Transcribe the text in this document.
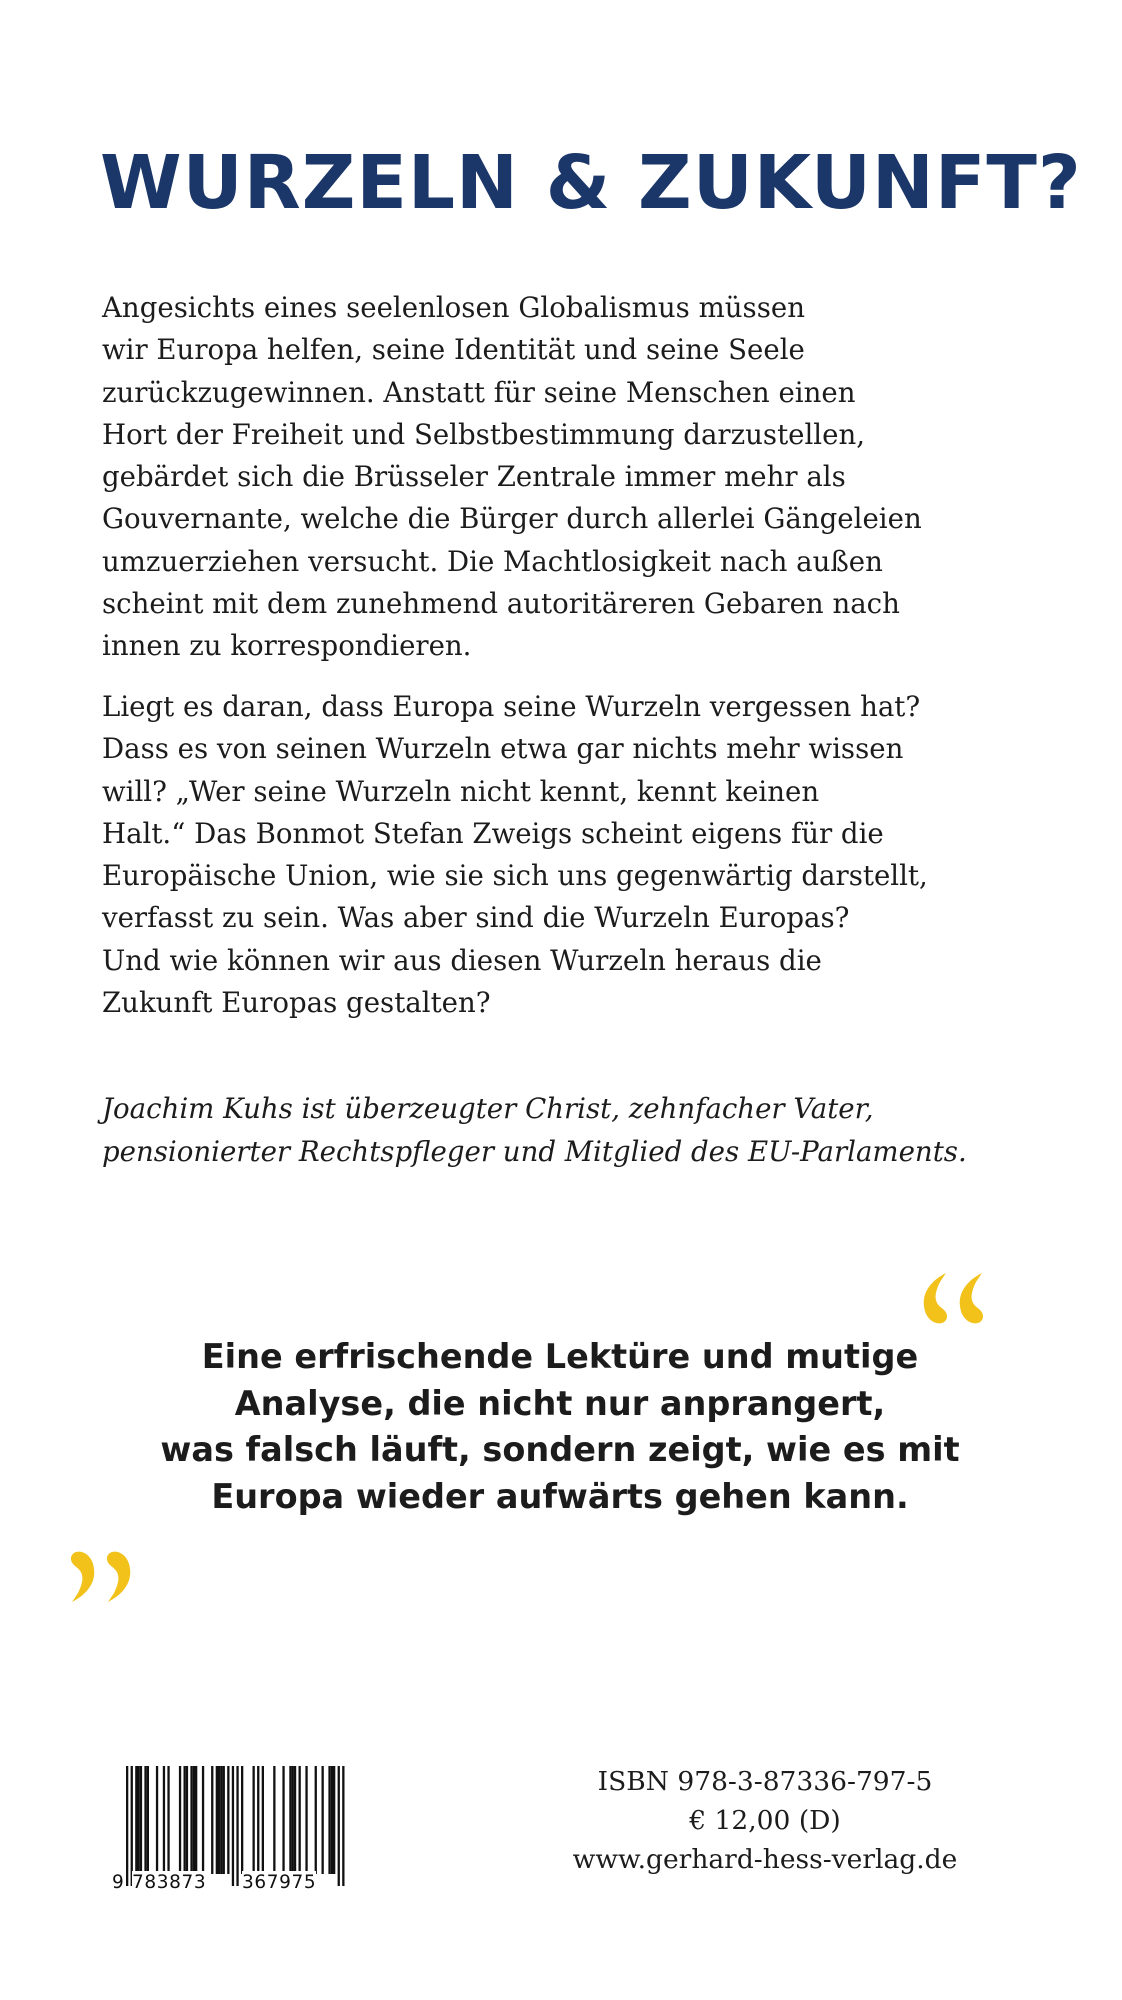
WURZELN & ZUKUNFT?
Angesichts eines seelenlosen Globalismus müssen
wir Europa helfen, seine Identität und seine Seele
zurückzugewinnen. Anstatt für seine Menschen einen
Hort der Freiheit und Selbstbestimmung darzustellen,
gebärdet sich die Brüsseler Zentrale immer mehr als
Gouvernante, welche die Bürger durch allerlei Gängeleien
umzuerziehen versucht. Die Machtlosigkeit nach außen
scheint mit dem zunehmend autoritäreren Gebaren nach
innen zu korrespondieren.
Liegt es daran, dass Europa seine Wurzeln vergessen hat?
Dass es von seinen Wurzeln etwa gar nichts mehr wissen
will? „Wer seine Wurzeln nicht kennt, kennt keinen
Halt.“ Das Bonmot Stefan Zweigs scheint eigens für die
Europäische Union, wie sie sich uns gegenwärtig darstellt,
verfasst zu sein. Was aber sind die Wurzeln Europas?
Und wie können wir aus diesen Wurzeln heraus die
Zukunft Europas gestalten?
Joachim Kuhs ist überzeugter Christ, zehnfacher Vater,
pensionierter Rechtspfleger und Mitglied des EU-Parlaments.
Eine erfrischende Lektüre und mutige
Analyse, die nicht nur anprangert,
was falsch läuft, sondern zeigt, wie es mit
Europa wieder aufwärts gehen kann.
9 783873 367975
ISBN 978-3-87336-797-5
€ 12,00 (D)
www.gerhard-hess-verlag.de
